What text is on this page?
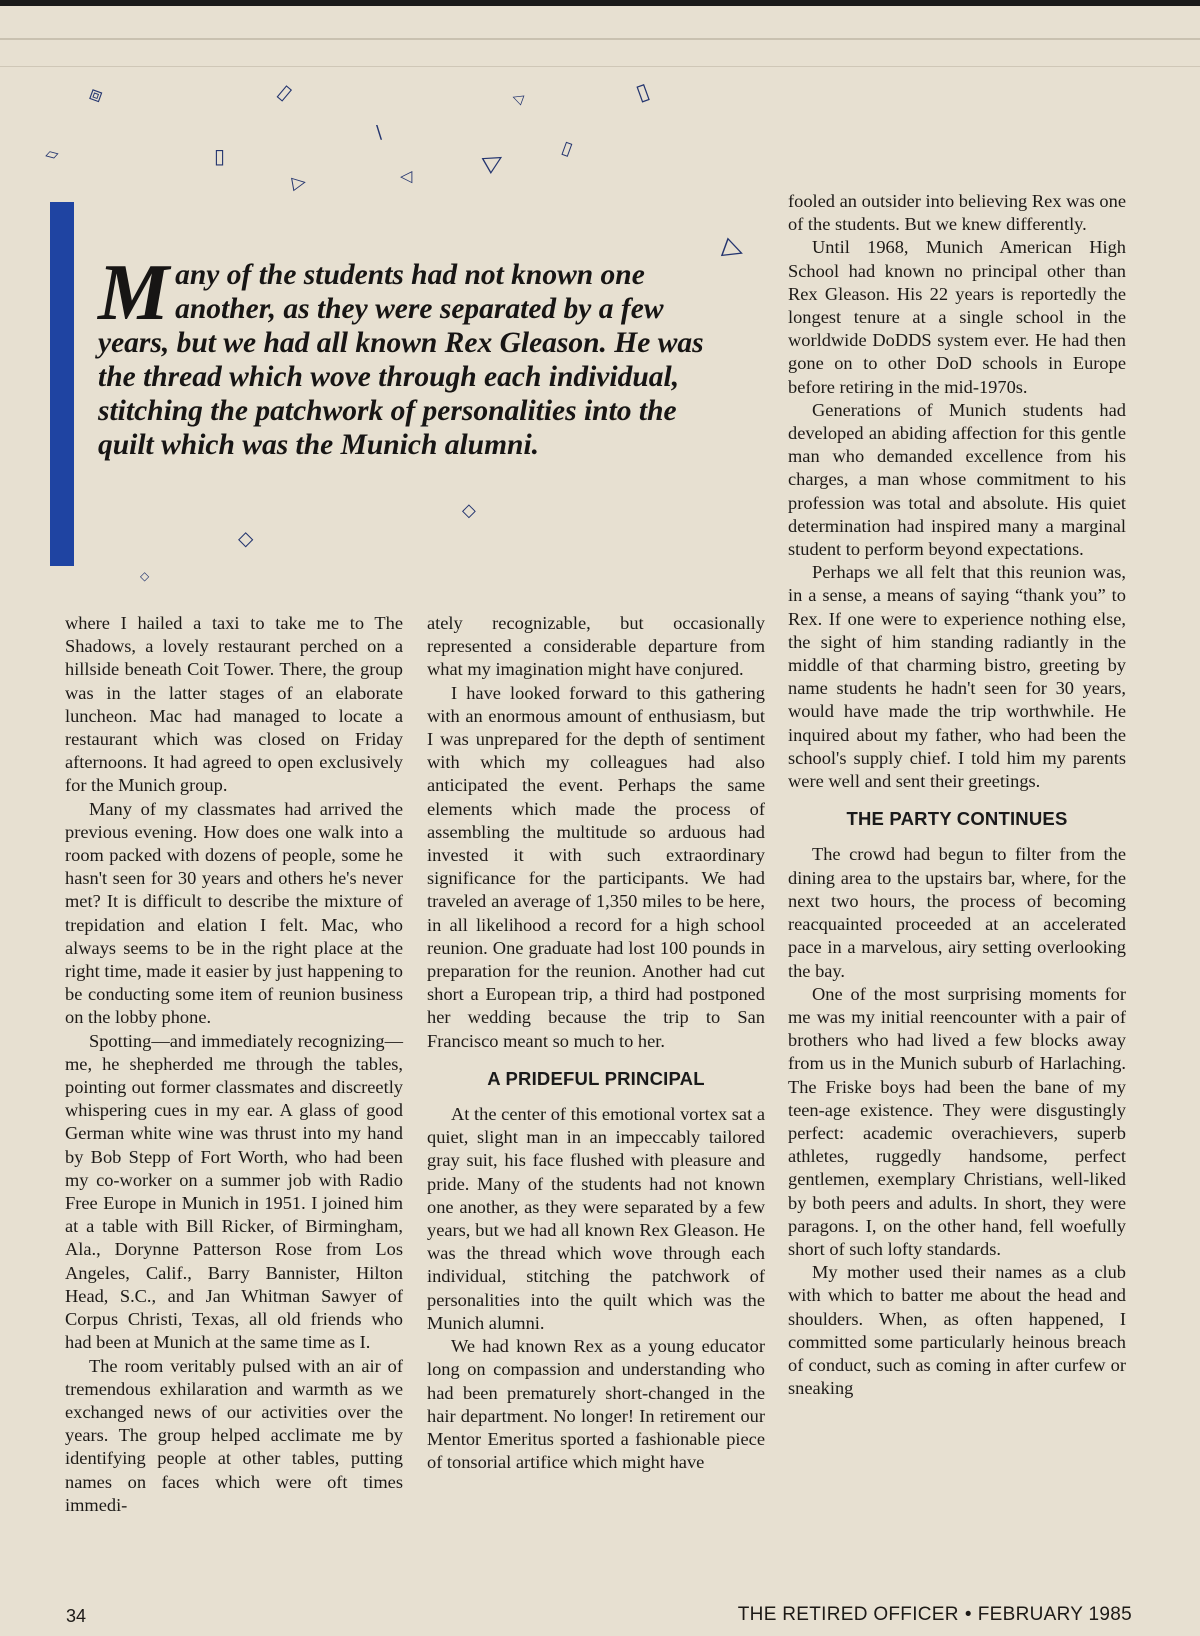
⧈	▯	▷	▯
\
▱	▯
▷	▷
▷	▯
▷
◇
◇
◇
Many of the students had not known one another, as they were separated by a few years, but we had all known Rex Gleason. He was the thread which wove through each individual, stitching the patchwork of personalities into the quilt which was the Munich alumni.

where I hailed a taxi to take me to The Shadows, a lovely restaurant perched on a hillside beneath Coit Tower. There, the group was in the latter stages of an elaborate luncheon. Mac had managed to locate a restaurant which was closed on Friday afternoons. It had agreed to open exclusively for the Munich group.

Many of my classmates had arrived the previous evening. How does one walk into a room packed with dozens of people, some he hasn't seen for 30 years and others he's never met? It is difficult to describe the mixture of trepidation and elation I felt. Mac, who always seems to be in the right place at the right time, made it easier by just happening to be conducting some item of reunion business on the lobby phone.

Spotting—and immediately recognizing—me, he shepherded me through the tables, pointing out former classmates and discreetly whispering cues in my ear. A glass of good German white wine was thrust into my hand by Bob Stepp of Fort Worth, who had been my co-worker on a summer job with Radio Free Europe in Munich in 1951. I joined him at a table with Bill Ricker, of Birmingham, Ala., Dorynne Patterson Rose from Los Angeles, Calif., Barry Bannister, Hilton Head, S.C., and Jan Whitman Sawyer of Corpus Christi, Texas, all old friends who had been at Munich at the same time as I.

The room veritably pulsed with an air of tremendous exhilaration and warmth as we exchanged news of our activities over the years. The group helped acclimate me by identifying people at other tables, putting names on faces which were oft times immedi-

ately recognizable, but occasionally represented a considerable departure from what my imagination might have conjured.

I have looked forward to this gathering with an enormous amount of enthusiasm, but I was unprepared for the depth of sentiment with which my colleagues had also anticipated the event. Perhaps the same elements which made the process of assembling the multitude so arduous had invested it with such extraordinary significance for the participants. We had traveled an average of 1,350 miles to be here, in all likelihood a record for a high school reunion. One graduate had lost 100 pounds in preparation for the reunion. Another had cut short a European trip, a third had postponed her wedding because the trip to San Francisco meant so much to her.

A PRIDEFUL PRINCIPAL

At the center of this emotional vortex sat a quiet, slight man in an impeccably tailored gray suit, his face flushed with pleasure and pride. Many of the students had not known one another, as they were separated by a few years, but we had all known Rex Gleason. He was the thread which wove through each individual, stitching the patchwork of personalities into the quilt which was the Munich alumni.

We had known Rex as a young educator long on compassion and understanding who had been prematurely short-changed in the hair department. No longer! In retirement our Mentor Emeritus sported a fashionable piece of tonsorial artifice which might have

fooled an outsider into believing Rex was one of the students. But we knew differently.

Until 1968, Munich American High School had known no principal other than Rex Gleason. His 22 years is reportedly the longest tenure at a single school in the worldwide DoDDS system ever. He had then gone on to other DoD schools in Europe before retiring in the mid-1970s.

Generations of Munich students had developed an abiding affection for this gentle man who demanded excellence from his charges, a man whose commitment to his profession was total and absolute. His quiet determination had inspired many a marginal student to perform beyond expectations.

Perhaps we all felt that this reunion was, in a sense, a means of saying “thank you” to Rex. If one were to experience nothing else, the sight of him standing radiantly in the middle of that charming bistro, greeting by name students he hadn't seen for 30 years, would have made the trip worthwhile. He inquired about my father, who had been the school's supply chief. I told him my parents were well and sent their greetings.

THE PARTY CONTINUES

The crowd had begun to filter from the dining area to the upstairs bar, where, for the next two hours, the process of becoming reacquainted proceeded at an accelerated pace in a marvelous, airy setting overlooking the bay.

One of the most surprising moments for me was my initial reencounter with a pair of brothers who had lived a few blocks away from us in the Munich suburb of Harlaching. The Friske boys had been the bane of my teen-age existence. They were disgustingly perfect: academic overachievers, superb athletes, ruggedly handsome, perfect gentlemen, exemplary Christians, well-liked by both peers and adults. In short, they were paragons. I, on the other hand, fell woefully short of such lofty standards.

My mother used their names as a club with which to batter me about the head and shoulders. When, as often happened, I committed some particularly heinous breach of conduct, such as coming in after curfew or sneaking

34	THE RETIRED OFFICER • FEBRUARY 1985
